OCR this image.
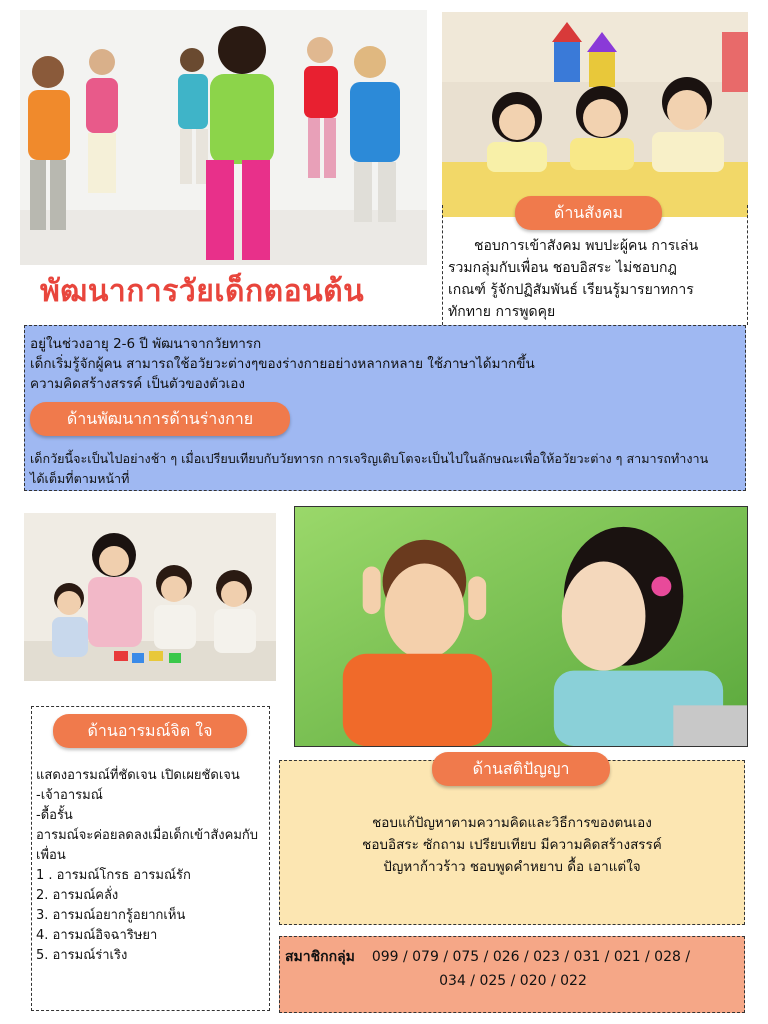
พัฒนาการวัยเด็กตอนต้น
ด้านสังคม
ชอบการเข้าสังคม พบปะผู้คน การเล่น
รวมกลุ่มกับเพื่อน ชอบอิสระ ไม่ชอบกฎ
เกณฑ์ รู้จักปฏิสัมพันธ์ เรียนรู้มารยาทการ
ทักทาย การพูดคุย
อยู่ในช่วงอายุ 2-6 ปี พัฒนาจากวัยทารก
เด็กเริ่มรู้จักผู้คน สามารถใช้อวัยวะต่างๆของร่างกายอย่างหลากหลาย ใช้ภาษาได้มากขึ้น
ความคิดสร้างสรรค์ เป็นตัวของตัวเอง
ด้านพัฒนาการด้านร่างกาย
เด็กวัยนี้จะเป็นไปอย่างช้า ๆ เมื่อเปรียบเทียบกับวัยทารก การเจริญเติบโตจะเป็นไปในลักษณะเพื่อให้อวัยวะต่าง ๆ สามารถทำงาน
ได้เต็มที่ตามหน้าที่
ด้านอารมณ์จิต ใจ
แสดงอารมณ์ที่ชัดเจน เปิดเผยชัดเจน
-เจ้าอารมณ์
-ดื้อรั้น
อารมณ์จะค่อยลดลงเมื่อเด็กเข้าสังคมกับ
เพื่อน
1 . อารมณ์โกรธ อารมณ์รัก
2. อารมณ์คลั่ง
3. อารมณ์อยากรู้อยากเห็น
4. อารมณ์อิจฉาริษยา
5. อารมณ์ร่าเริง
ด้านสติปัญญา
ชอบแก้ปัญหาตามความคิดและวิธีการของตนเอง
ชอบอิสระ ซักถาม เปรียบเทียบ มีความคิดสร้างสรรค์
ปัญหาก้าวร้าว ชอบพูดคำหยาบ ดื้อ เอาแต่ใจ
สมาชิกกลุ่ม 099 / 079 / 075 / 026 / 023 / 031 / 021 / 028 /
034 / 025 / 020 / 022
